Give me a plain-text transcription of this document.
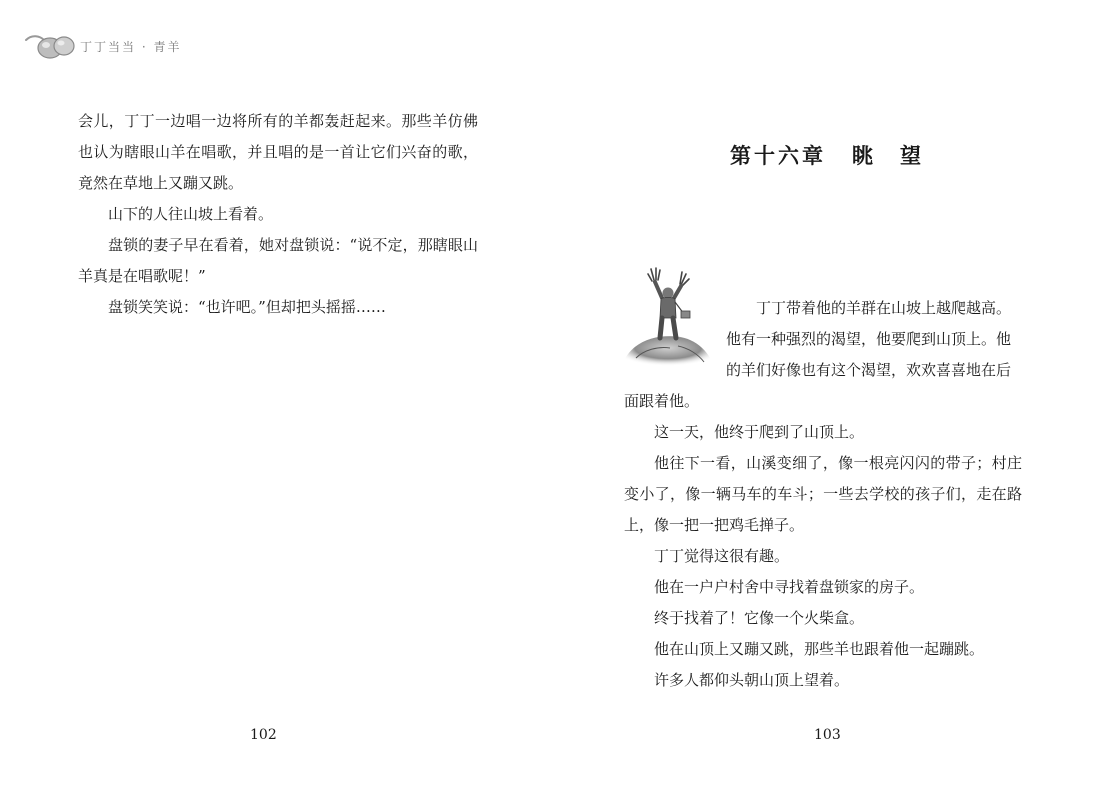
丁丁当当 · 青羊

会儿，丁丁一边唱一边将所有的羊都轰赶起来。那些羊仿佛也认为瞎眼山羊在唱歌，并且唱的是一首让它们兴奋的歌，竟然在草地上又蹦又跳。

山下的人往山坡上看着。

盘锁的妻子早在看着，她对盘锁说：“说不定，那瞎眼山羊真是在唱歌呢！”

盘锁笑笑说：“也许吧。”但却把头摇摇……

102
第十六章 眺　望
丁丁带着他的羊群在山坡上越爬越高。
他有一种强烈的渴望，他要爬到山顶上。他
的羊们好像也有这个渴望，欢欢喜喜地在后
面跟着他。

这一天，他终于爬到了山顶上。

他往下一看，山溪变细了，像一根亮闪闪的带子；村庄变小了，像一辆马车的车斗；一些去学校的孩子们，走在路上，像一把一把鸡毛掸子。

丁丁觉得这很有趣。

他在一户户村舍中寻找着盘锁家的房子。

终于找着了！它像一个火柴盒。

他在山顶上又蹦又跳，那些羊也跟着他一起蹦跳。

许多人都仰头朝山顶上望着。

103
